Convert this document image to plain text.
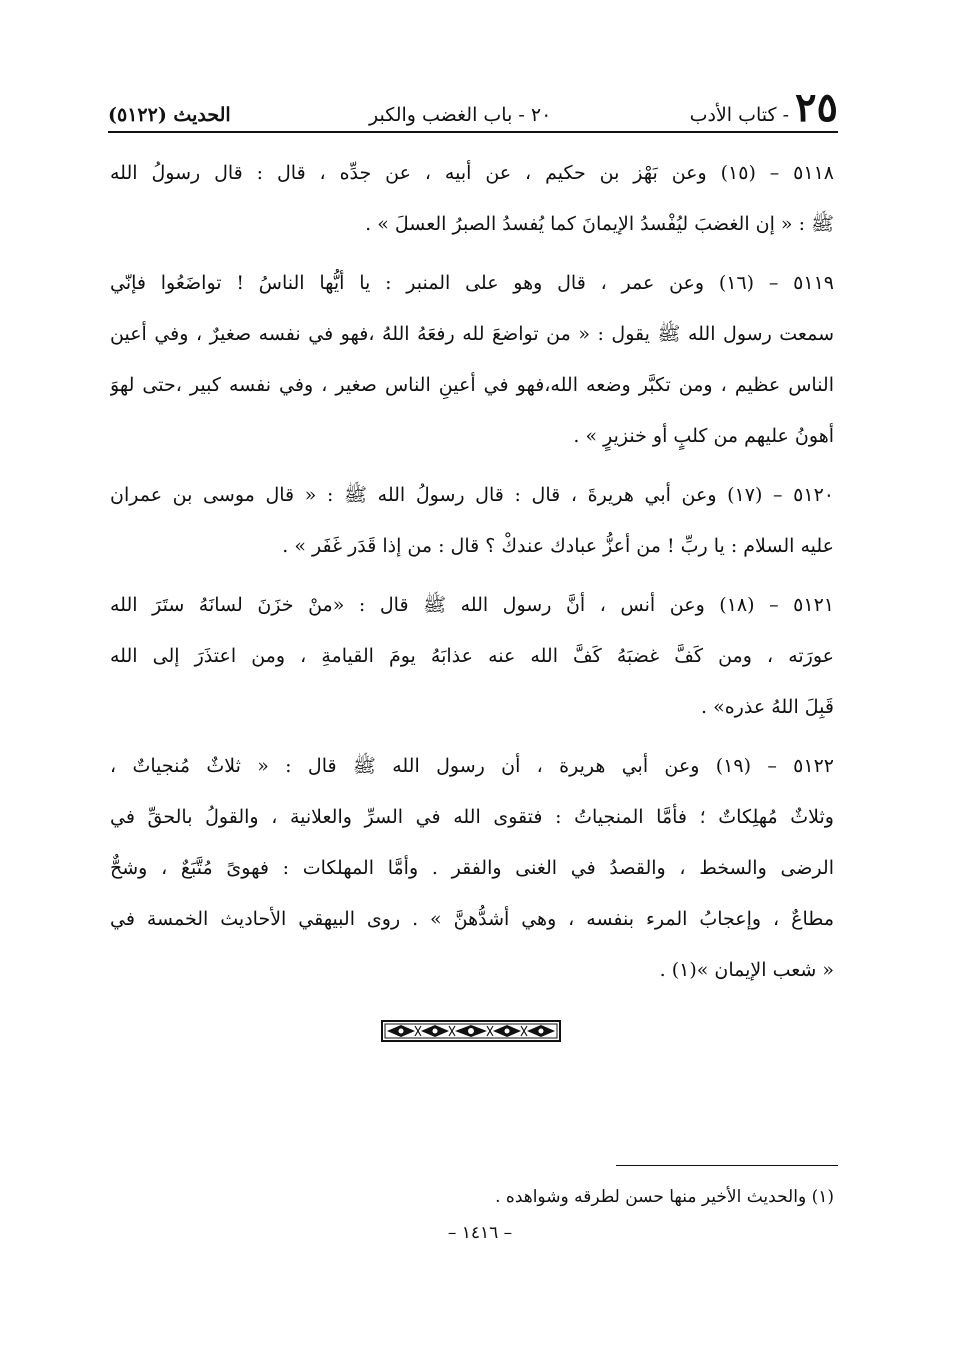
٢٥
- كتاب الأدب
٢٠ - باب الغضب والكبر
الحديث (٥١٢٢)
٥١١٨ – (١٥) وعن بَهْز بن حكيم ، عن أبيه ، عن جدِّه ، قال : قال رسولُ الله
ﷺ : « إن الغضبَ ليُفْسدُ الإيمانَ كما يُفسدُ الصبرُ العسلَ » .
٥١١٩ – (١٦) وعن عمر ، قال وهو على المنبر : يا أيُّها الناسُ ! تواضَعُوا فإنّي
سمعت رسول الله ﷺ يقول : « من تواضعَ لله رفعَهُ اللهُ ،فهو في نفسه صغيرٌ ، وفي أعين
الناس عظيم ، ومن تكبَّر وضعه الله،فهو في أعينِ الناس صغير ، وفي نفسه كبير ،حتى لهوَ
أهونُ عليهم من كلبٍ أو خنزيرٍ » .
٥١٢٠ – (١٧) وعن أبي هريرةَ ، قال : قال رسولُ الله ﷺ : « قال موسى بن عمران
عليه السلام : يا ربِّ ! من أعزُّ عبادك عندكْ ؟ قال : من إذا قَدَر غَفَر » .
٥١٢١ – (١٨) وعن أنس ، أنَّ رسول الله ﷺ قال : «منْ خزَنَ لسانَهُ ستَرَ الله
عورَته ، ومن كَفَّ غضبَهُ كَفَّ الله عنه عذابَهُ يومَ القيامةِ ، ومن اعتذَرَ إلى الله
قَبِلَ اللهُ عذره» .
٥١٢٢ – (١٩) وعن أبي هريرة ، أن رسول الله ﷺ قال : « ثلاثٌ مُنجياتٌ ،
وثلاثٌ مُهلِكاتٌ ؛ فأمَّا المنجياتُ : فتقوى الله في السرِّ والعلانية ، والقولُ بالحقِّ في
الرضى والسخط ، والقصدُ في الغنى والفقر . وأمَّا المهلكات : فهوىً مُتَّبَعٌ ، وشحٌّ
مطاعٌ ، وإعجابُ المرء بنفسه ، وهي أشدُّهنَّ » . روى البيهقي الأحاديث الخمسة في
« شعب الإيمان »(١) .
(١) والحديث الأخير منها حسن لطرقه وشواهده .
– ١٤١٦ –
